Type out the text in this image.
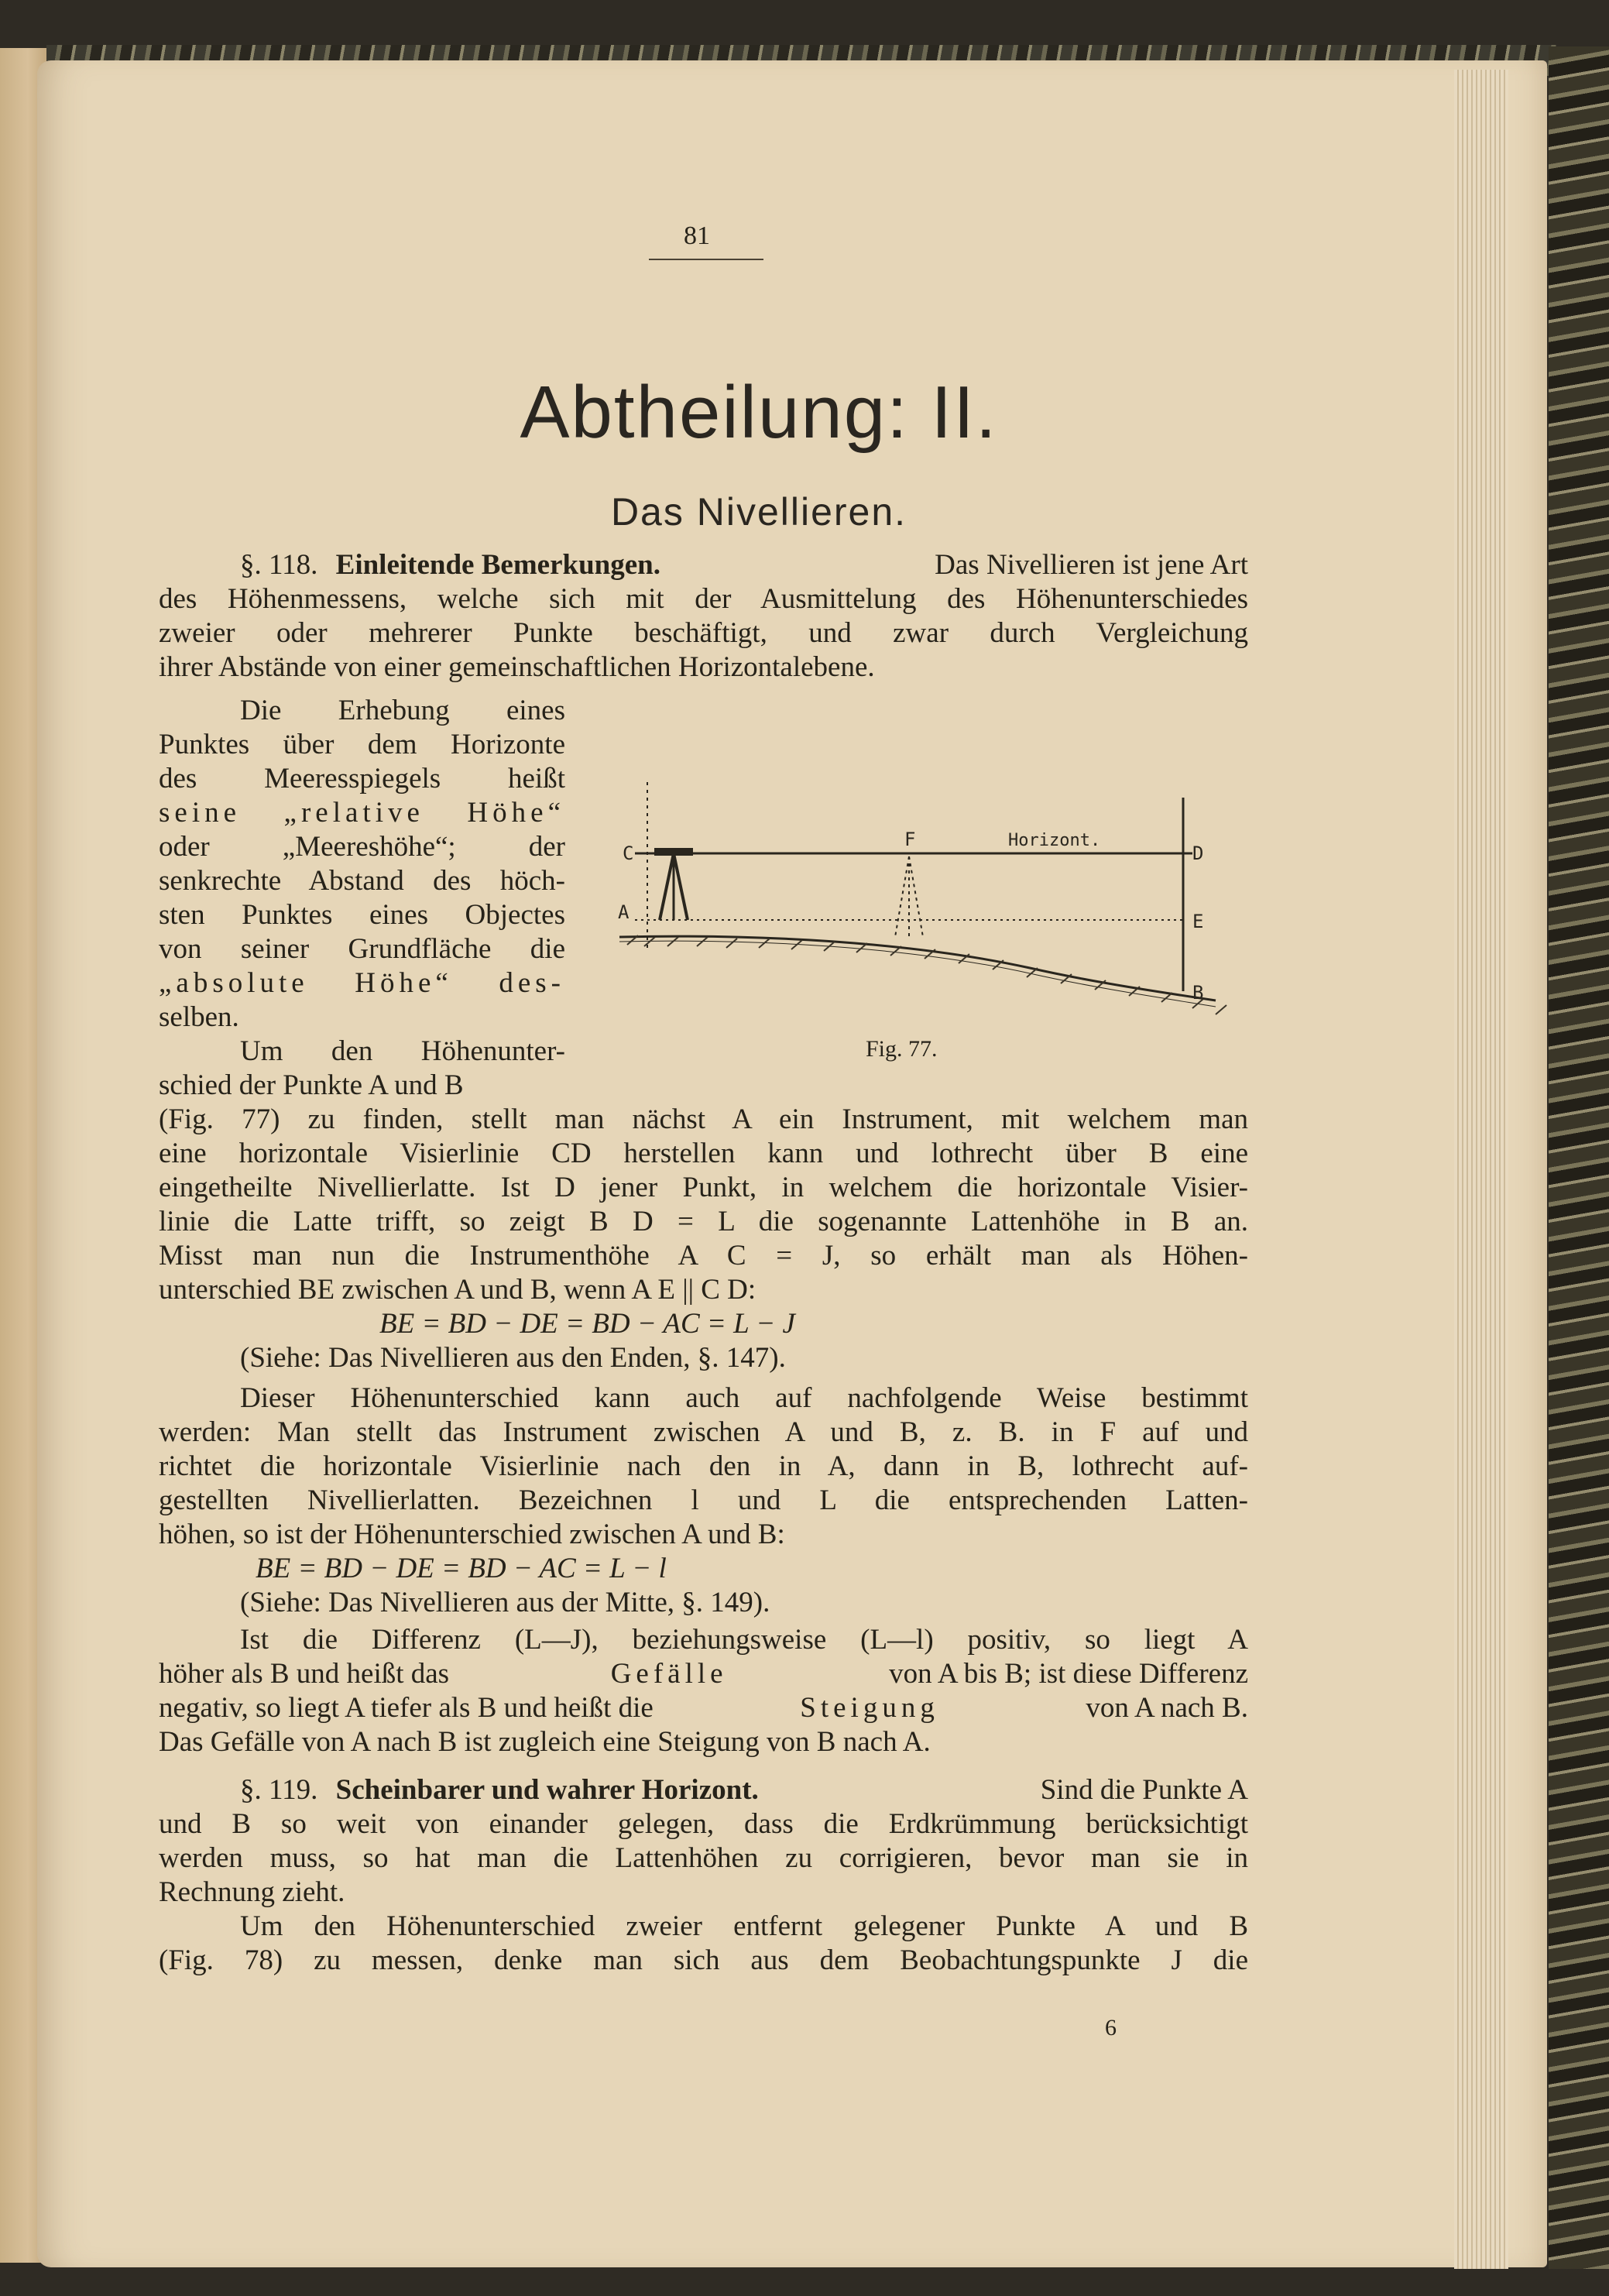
81
Abtheilung: II.
Das Nivellieren.
§. 118. Einleitende Bemerkungen.	Das Nivellieren ist jene Art
des Höhenmessens, welche sich mit der Ausmittelung des Höhenunterschiedes
zweier oder mehrerer Punkte beschäftigt, und zwar durch Vergleichung
ihrer Abstände von einer gemeinschaftlichen Horizontalebene.
Die Erhebung eines
Punktes über dem Horizonte
des Meeresspiegels heißt
seine „relative Höhe“
oder „Meereshöhe“; der
senkrechte Abstand des höch-
sten Punktes eines Objectes
von seiner Grundfläche die
„absolute Höhe“ des-
selben.
Um den Höhenunter-
schied der Punkte A und B
C
A
F	Horizont.
D
E
B
Fig. 77.
(Fig. 77) zu finden, stellt man nächst A ein Instrument, mit welchem man
eine horizontale Visierlinie CD herstellen kann und lothrecht über B eine
eingetheilte Nivellierlatte. Ist D jener Punkt, in welchem die horizontale Visier-
linie die Latte trifft, so zeigt B D = L die sogenannte Lattenhöhe in B an.
Misst man nun die Instrumenthöhe A C = J, so erhält man als Höhen-
unterschied BE zwischen A und B, wenn A E || C D:
BE = BD − DE = BD − AC = L − J
(Siehe: Das Nivellieren aus den Enden, §. 147).
Dieser Höhenunterschied kann auch auf nachfolgende Weise bestimmt
werden: Man stellt das Instrument zwischen A und B, z. B. in F auf und
richtet die horizontale Visierlinie nach den in A, dann in B, lothrecht auf-
gestellten Nivellierlatten. Bezeichnen l und L die entsprechenden Latten-
höhen, so ist der Höhenunterschied zwischen A und B:
BE = BD − DE = BD − AC = L − l
(Siehe: Das Nivellieren aus der Mitte, §. 149).
Ist die Differenz (L—J), beziehungsweise (L—l) positiv, so liegt A
höher als B und heißt das	Gefälle	von A bis B; ist diese Differenz
negativ, so liegt A tiefer als B und heißt die	Steigung	von A nach B.
Das Gefälle von A nach B ist zugleich eine Steigung von B nach A.
§. 119. Scheinbarer und wahrer Horizont.	Sind die Punkte A
und B so weit von einander gelegen, dass die Erdkrümmung berücksichtigt
werden muss, so hat man die Lattenhöhen zu corrigieren, bevor man sie in
Rechnung zieht.
Um den Höhenunterschied zweier entfernt gelegener Punkte A und B
(Fig. 78) zu messen, denke man sich aus dem Beobachtungspunkte J die
6
